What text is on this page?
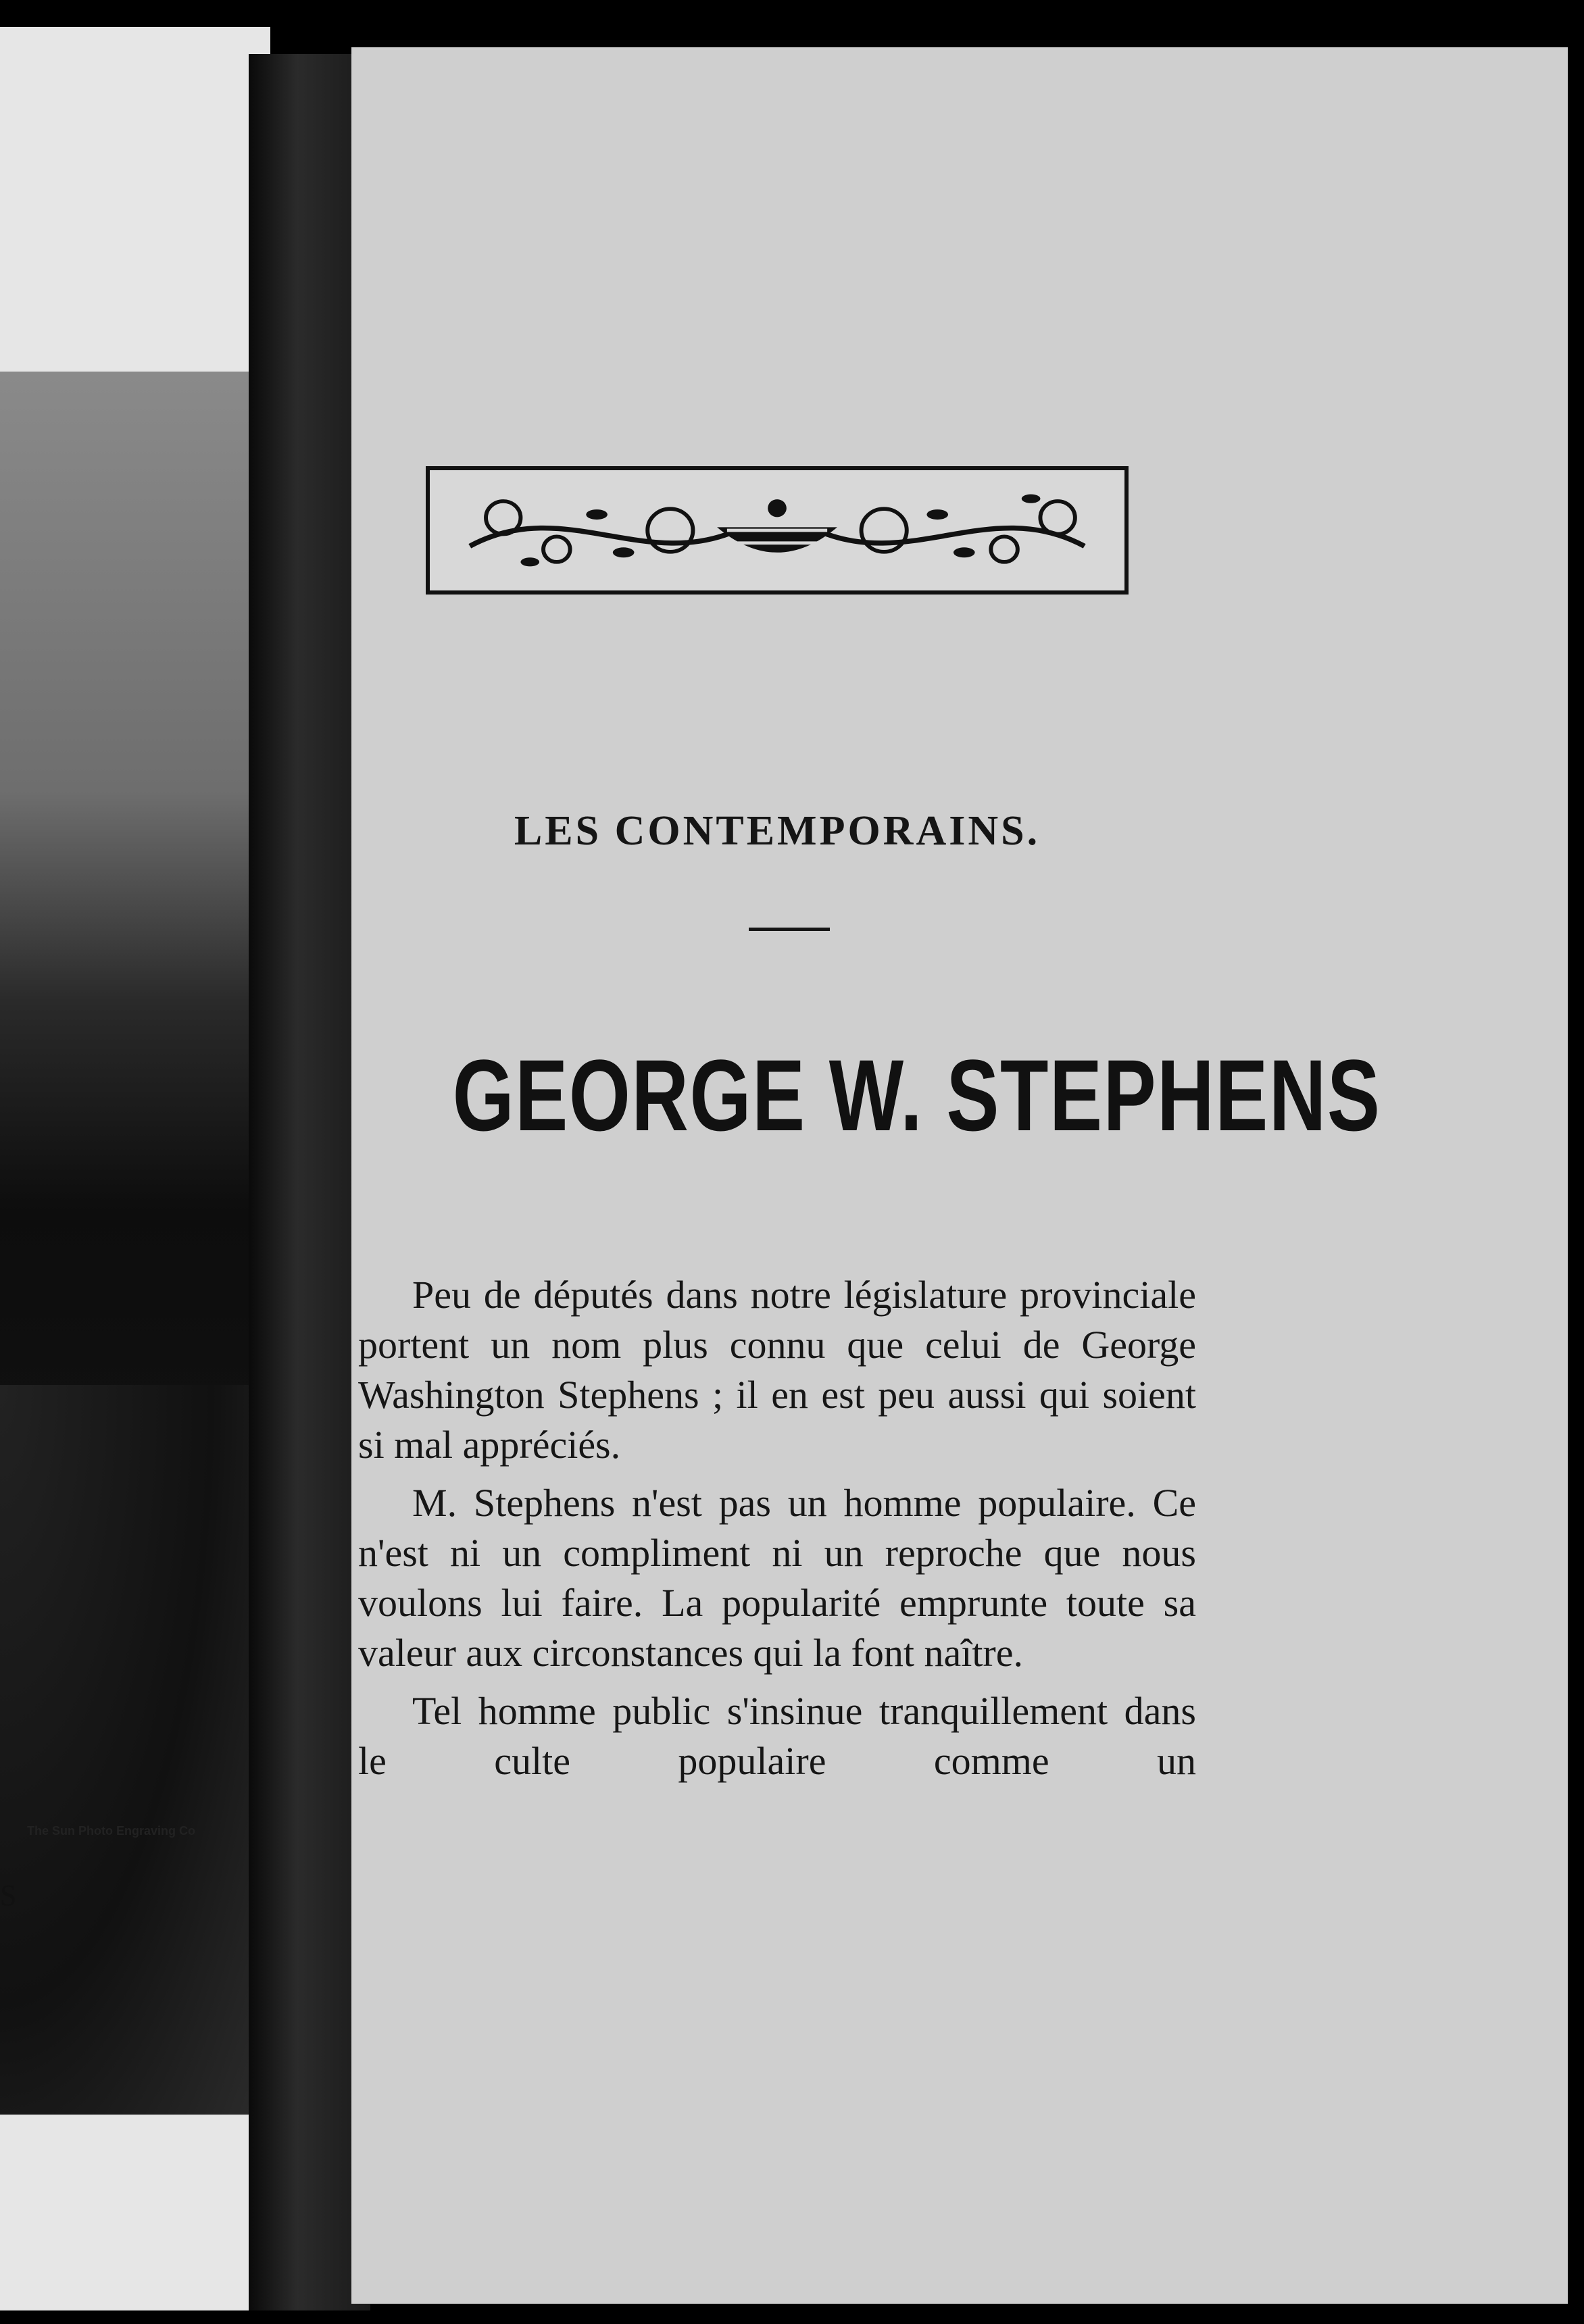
The Sun Photo Engraving Co
S
LES CONTEMPORAINS.
GEORGE W. STEPHENS

Peu de députés dans notre législature provinciale portent un nom plus connu que celui de George Washington Stephens ; il en est peu aussi qui soient si mal appréciés.

M. Stephens n'est pas un homme populaire. Ce n'est ni un compliment ni un reproche que nous voulons lui faire. La popularité emprunte toute sa valeur aux circonstances qui la font naître.

Tel homme public s'insinue tranquillement dans le culte populaire comme un
